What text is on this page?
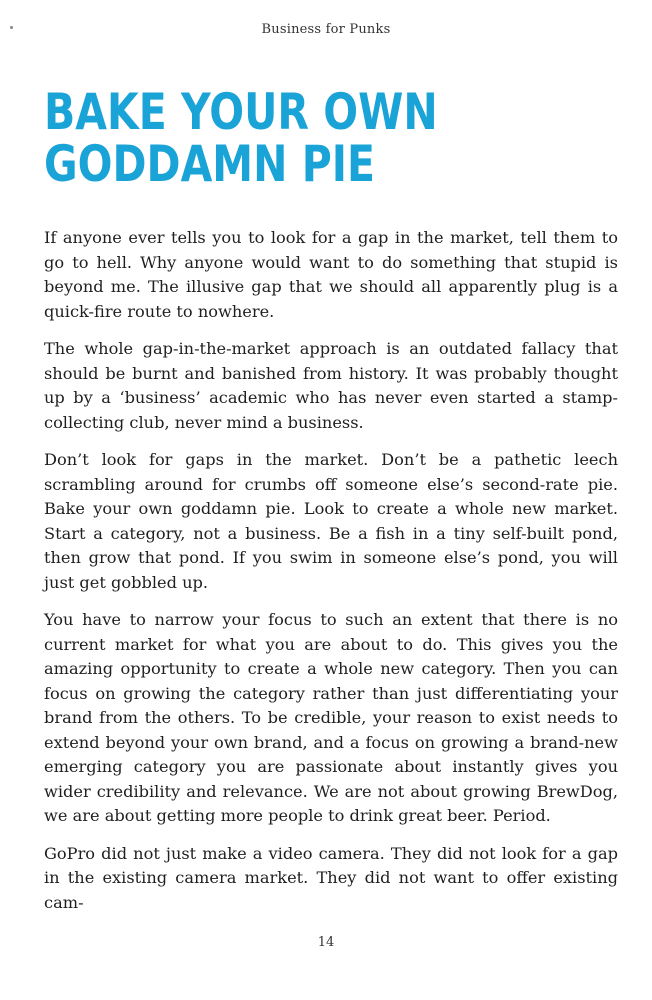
Business for Punks
BAKE YOUR OWN
GODDAMN PIE

If anyone ever tells you to look for a gap in the market, tell them to go to hell. Why anyone would want to do something that stupid is beyond me. The illusive gap that we should all apparently plug is a quick-fire route to nowhere.

The whole gap-in-the-market approach is an outdated fallacy that should be burnt and banished from history. It was probably thought up by a ‘business’ academic who has never even started a stamp-collecting club, never mind a business.

Don’t look for gaps in the market. Don’t be a pathetic leech scrambling around for crumbs off someone else’s second-rate pie. Bake your own goddamn pie. Look to create a whole new market. Start a category, not a business. Be a fish in a tiny self-built pond, then grow that pond. If you swim in someone else’s pond, you will just get gobbled up.

You have to narrow your focus to such an extent that there is no current market for what you are about to do. This gives you the amazing opportunity to create a whole new category. Then you can focus on growing the category rather than just differentiating your brand from the others. To be credible, your reason to exist needs to extend beyond your own brand, and a focus on growing a brand-new emerging category you are passionate about instantly gives you wider credibility and relevance. We are not about growing BrewDog, we are about getting more people to drink great beer. Period.

GoPro did not just make a video camera. They did not look for a gap in the existing camera market. They did not want to offer existing cam-

14
